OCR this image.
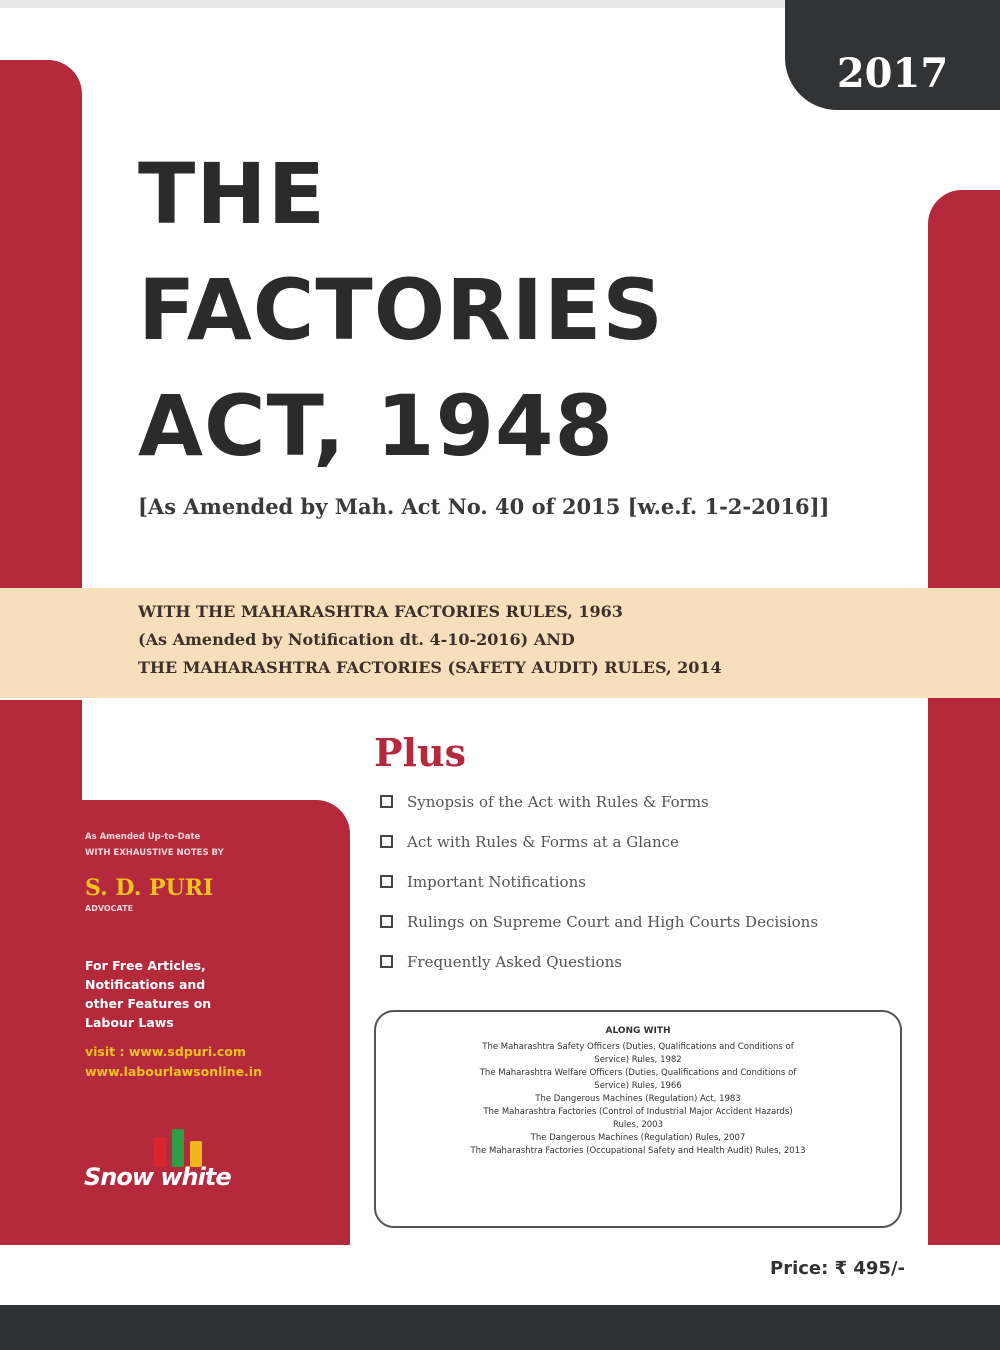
2017
THE
FACTORIES
ACT, 1948
[As Amended by Mah. Act No. 40 of 2015 [w.e.f. 1-2-2016]]
WITH THE MAHARASHTRA FACTORIES RULES, 1963
(As Amended by Notification dt. 4-10-2016) AND
THE MAHARASHTRA FACTORIES (SAFETY AUDIT) RULES, 2014
Plus
Synopsis of the Act with Rules & Forms
Act with Rules & Forms at a Glance
Important Notifications
Rulings on Supreme Court and High Courts Decisions
Frequently Asked Questions
ALONG WITH
The Maharashtra Safety Officers (Duties, Qualifications and Conditions of
Service) Rules, 1982
The Maharashtra Welfare Officers (Duties, Qualifications and Conditions of
Service) Rules, 1966
The Dangerous Machines (Regulation) Act, 1983
The Maharashtra Factories (Control of Industrial Major Accident Hazards)
Rules, 2003
The Dangerous Machines (Regulation) Rules, 2007
The Maharashtra Factories (Occupational Safety and Health Audit) Rules, 2013
As Amended Up-to-Date
WITH EXHAUSTIVE NOTES BY
S. D. PURI
ADVOCATE
For Free Articles,
Notifications and
other Features on
Labour Laws
visit : www.sdpuri.com
www.labourlawsonline.in
Snow white
Price: ₹ 495/-
